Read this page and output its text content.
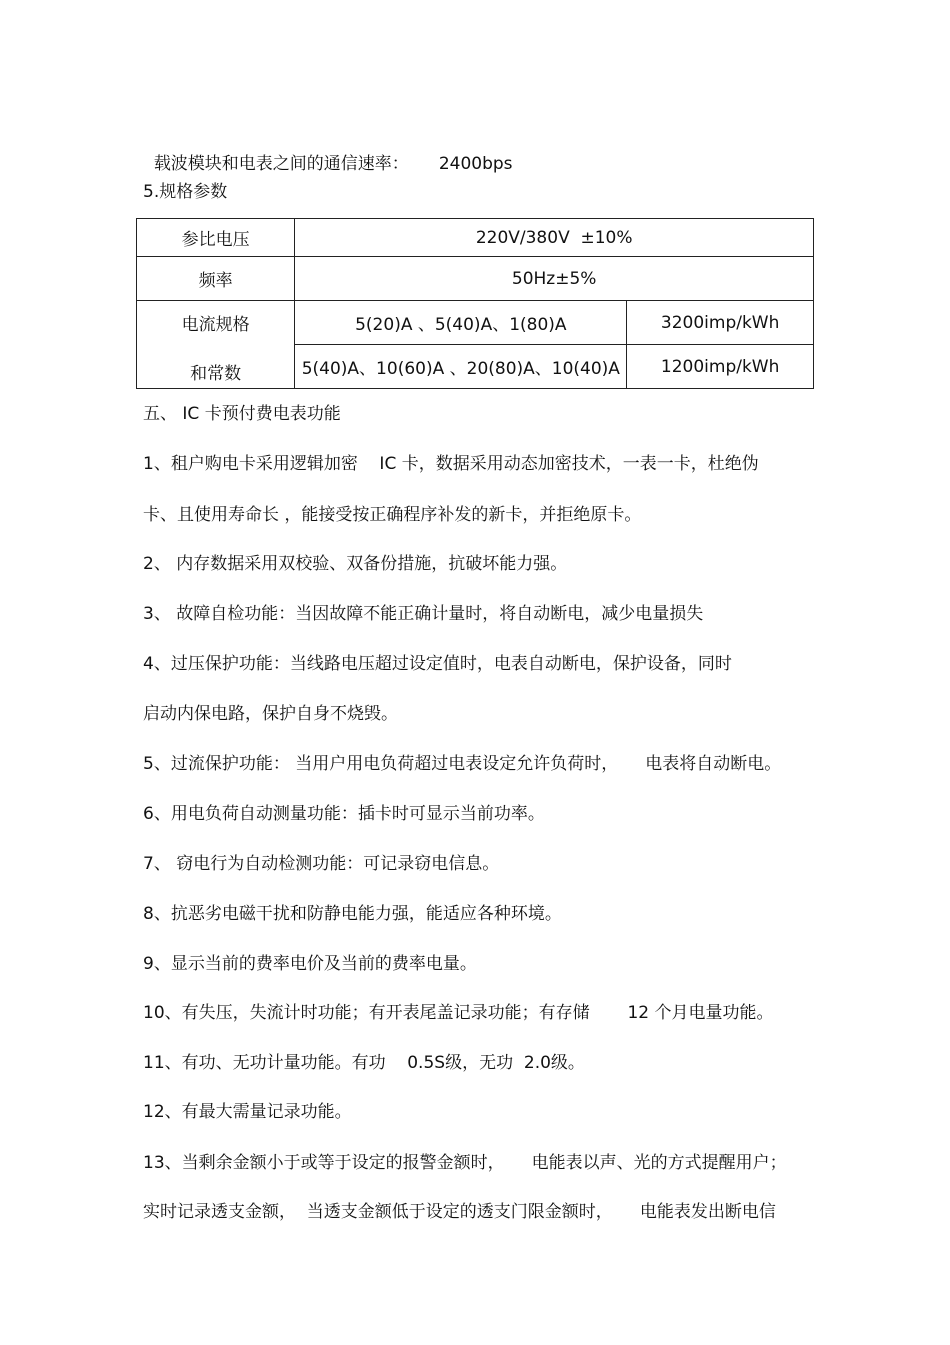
载波模块和电表之间的通信速率： 2400bps

5.规格参数
参比电压	220V/380V  ±10%	
频率	50Hz±5%	
电流规格	5(20)A 、5(40)A、1(80)A	3200imp/kWh
和常数	5(40)A、10(60)A 、20(80)A、10(40)A	1200imp/kWh
五、 IC 卡预付费电表功能
1、租户购电卡采用逻辑加密    IC 卡，数据采用动态加密技术，一表一卡，杜绝伪
卡、且使用寿命长 ，能接受按正确程序补发的新卡，并拒绝原卡。
2、 内存数据采用双校验、双备份措施，抗破坏能力强。
3、 故障自检功能：当因故障不能正确计量时，将自动断电，减少电量损失
4、过压保护功能：当线路电压超过设定值时，电表自动断电，保护设备，同时
启动内保电路，保护自身不烧毁。
5、过流保护功能： 当用户用电负荷超过电表设定允许负荷时，     电表将自动断电。
6、用电负荷自动测量功能：插卡时可显示当前功率。
7、 窃电行为自动检测功能：可记录窃电信息。
8、抗恶劣电磁干扰和防静电能力强，能适应各种环境。
9、显示当前的费率电价及当前的费率电量。
10、有失压，失流计时功能；有开表尾盖记录功能；有存储       12 个月电量功能。
11、有功、无功计量功能。有功    0.5S级，无功  2.0级。
12、有最大需量记录功能。
13、当剩余金额小于或等于设定的报警金额时，     电能表以声、光的方式提醒用户；
实时记录透支金额，  当透支金额低于设定的透支门限金额时，     电能表发出断电信
